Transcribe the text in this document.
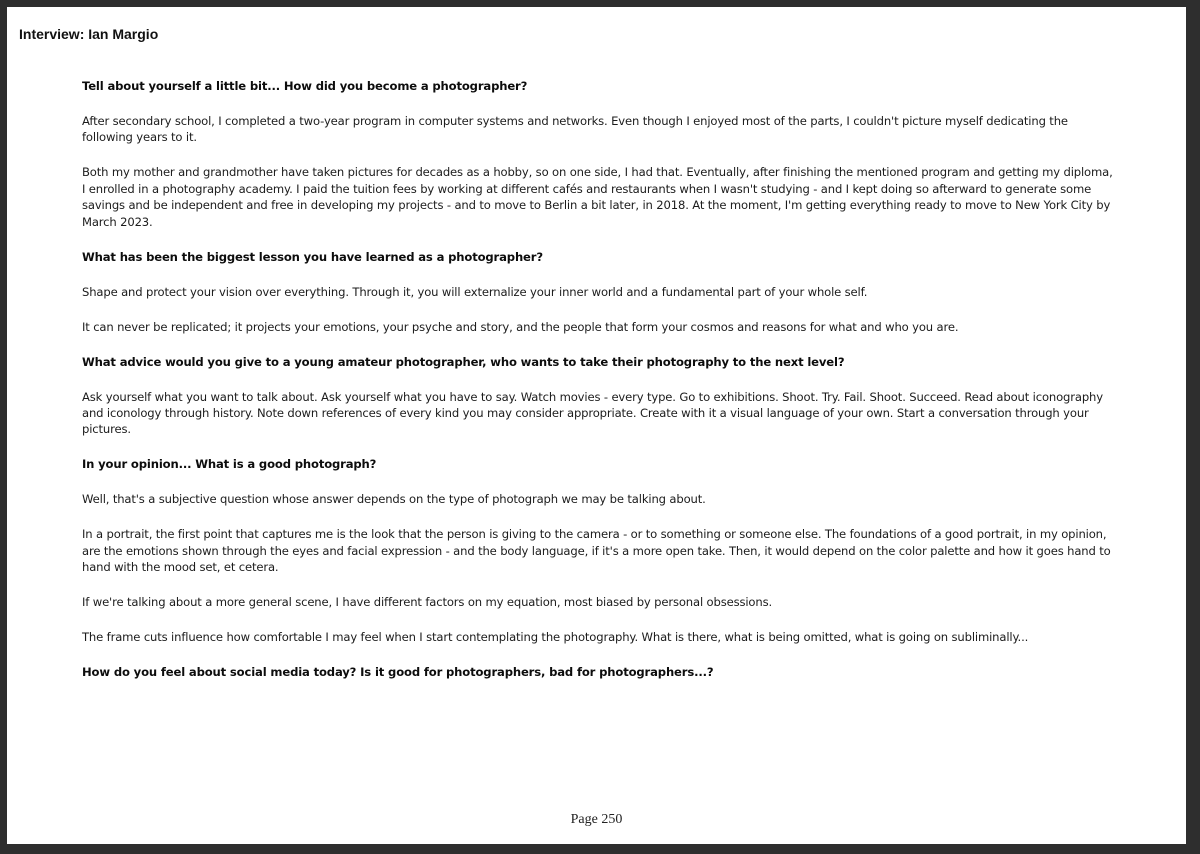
Interview: Ian Margio

Tell about yourself a little bit... How did you become a photographer?

After secondary school, I completed a two-year program in computer systems and networks. Even though I enjoyed most of the parts, I couldn't picture myself dedicating the following years to it.

Both my mother and grandmother have taken pictures for decades as a hobby, so on one side, I had that. Eventually, after finishing the mentioned program and getting my diploma, I enrolled in a photography academy. I paid the tuition fees by working at different cafés and restaurants when I wasn't studying - and I kept doing so afterward to generate some savings and be independent and free in developing my projects - and to move to Berlin a bit later, in 2018. At the moment, I'm getting everything ready to move to New York City by March 2023.

What has been the biggest lesson you have learned as a photographer?

Shape and protect your vision over everything. Through it, you will externalize your inner world and a fundamental part of your whole self.

It can never be replicated; it projects your emotions, your psyche and story, and the people that form your cosmos and reasons for what and who you are.

What advice would you give to a young amateur photographer, who wants to take their photography to the next level?

Ask yourself what you want to talk about. Ask yourself what you have to say. Watch movies - every type. Go to exhibitions. Shoot. Try. Fail. Shoot. Succeed. Read about iconography and iconology through history. Note down references of every kind you may consider appropriate. Create with it a visual language of your own. Start a conversation through your pictures.

In your opinion... What is a good photograph?

Well, that's a subjective question whose answer depends on the type of photograph we may be talking about.

In a portrait, the first point that captures me is the look that the person is giving to the camera - or to something or someone else. The foundations of a good portrait, in my opinion, are the emotions shown through the eyes and facial expression - and the body language, if it's a more open take. Then, it would depend on the color palette and how it goes hand to hand with the mood set, et cetera.

If we're talking about a more general scene, I have different factors on my equation, most biased by personal obsessions.

The frame cuts influence how comfortable I may feel when I start contemplating the photography. What is there, what is being omitted, what is going on subliminally...

How do you feel about social media today? Is it good for photographers, bad for photographers...?

Page 250
